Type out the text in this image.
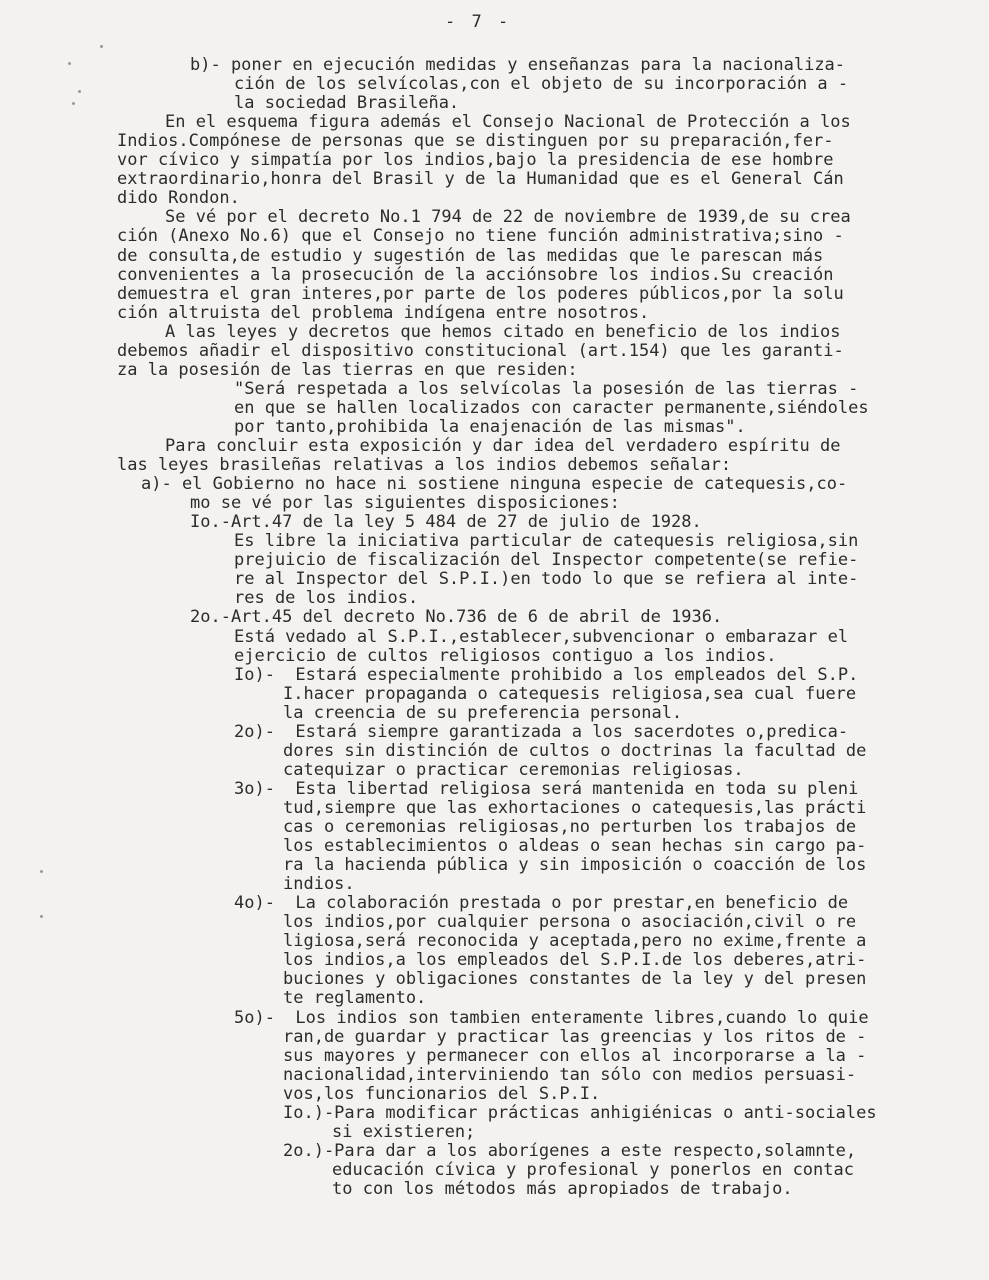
- 7 -
b)- poner en ejecución medidas y enseñanzas para la nacionaliza-
ción de los selvícolas,con el objeto de su incorporación a -
la sociedad Brasileña.
En el esquema figura además el Consejo Nacional de Protección a los
Indios.Compónese de personas que se distinguen por su preparación,fer-
vor cívico y simpatía por los indios,bajo la presidencia de ese hombre
extraordinario,honra del Brasil y de la Humanidad que es el General Cán
dido Rondon.
Se vé por el decreto No.1 794 de 22 de noviembre de 1939,de su crea
ción (Anexo No.6) que el Consejo no tiene función administrativa;sino -
de consulta,de estudio y sugestión de las medidas que le parescan más
convenientes a la prosecución de la acciónsobre los indios.Su creación
demuestra el gran interes,por parte de los poderes públicos,por la solu
ción altruista del problema indígena entre nosotros.
A las leyes y decretos que hemos citado en beneficio de los indios
debemos añadir el dispositivo constitucional (art.154) que les garanti-
za la posesión de las tierras en que residen:
"Será respetada a los selvícolas la posesión de las tierras -
en que se hallen localizados con caracter permanente,siéndoles
por tanto,prohibida la enajenación de las mismas".
Para concluir esta exposición y dar idea del verdadero espíritu de
las leyes brasileñas relativas a los indios debemos señalar:
a)- el Gobierno no hace ni sostiene ninguna especie de catequesis,co-
mo se vé por las siguientes disposiciones:
Io.-Art.47 de la ley 5 484 de 27 de julio de 1928.
Es libre la iniciativa particular de catequesis religiosa,sin
prejuicio de fiscalización del Inspector competente(se refie-
re al Inspector del S.P.I.)en todo lo que se refiera al inte-
res de los indios.
2o.-Art.45 del decreto No.736 de 6 de abril de 1936.
Está vedado al S.P.I.,establecer,subvencionar o embarazar el
ejercicio de cultos religiosos contiguo a los indios.
Io)-  Estará especialmente prohibido a los empleados del S.P.
I.hacer propaganda o catequesis religiosa,sea cual fuere
la creencia de su preferencia personal.
2o)-  Estará siempre garantizada a los sacerdotes o,predica-
dores sin distinción de cultos o doctrinas la facultad de
catequizar o practicar ceremonias religiosas.
3o)-  Esta libertad religiosa será mantenida en toda su pleni
tud,siempre que las exhortaciones o catequesis,las prácti
cas o ceremonias religiosas,no perturben los trabajos de
los establecimientos o aldeas o sean hechas sin cargo pa-
ra la hacienda pública y sin imposición o coacción de los
indios.
4o)-  La colaboración prestada o por prestar,en beneficio de
los indios,por cualquier persona o asociación,civil o re
ligiosa,será reconocida y aceptada,pero no exime,frente a
los indios,a los empleados del S.P.I.de los deberes,atri-
buciones y obligaciones constantes de la ley y del presen
te reglamento.
5o)-  Los indios son tambien enteramente libres,cuando lo quie
ran,de guardar y practicar las greencias y los ritos de -
sus mayores y permanecer con ellos al incorporarse a la -
nacionalidad,interviniendo tan sólo con medios persuasi-
vos,los funcionarios del S.P.I.
Io.)-Para modificar prácticas anhigiénicas o anti-sociales
si existieren;
2o.)-Para dar a los aborígenes a este respecto,solamnte,
educación cívica y profesional y ponerlos en contac
to con los métodos más apropiados de trabajo.
